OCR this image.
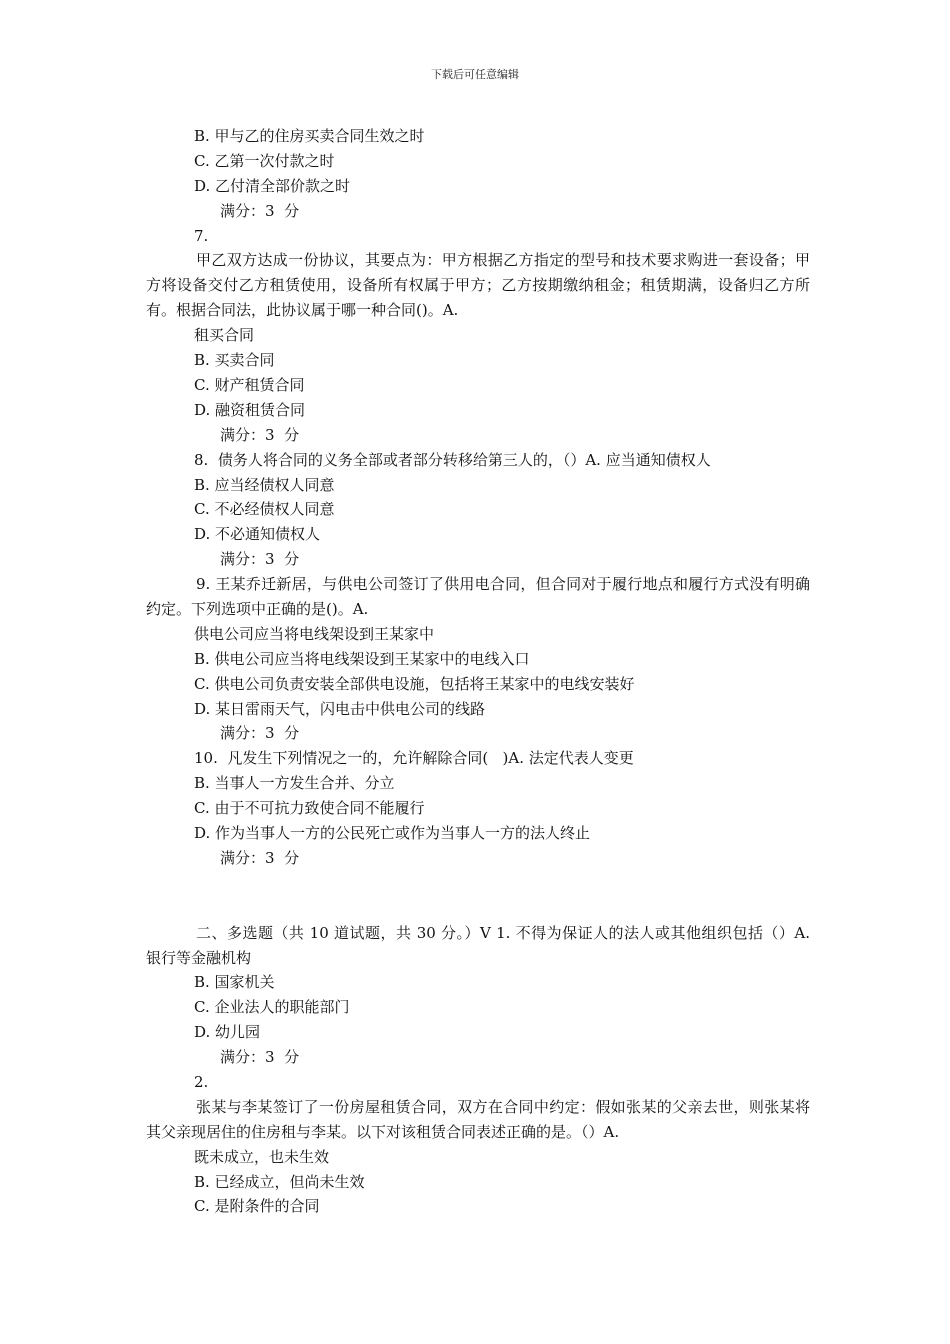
下载后可任意编辑
B. 甲与乙的住房买卖合同生效之时
C. 乙第一次付款之时
D. 乙付清全部价款之时
满分：3  分
7.
甲乙双方达成一份协议，其要点为：甲方根据乙方指定的型号和技术要求购进一套设备；甲方将设备交付乙方租赁使用，设备所有权属于甲方；乙方按期缴纳租金；租赁期满，设备归乙方所有。根据合同法，此协议属于哪一种合同()。A.
租买合同
B. 买卖合同
C. 财产租赁合同
D. 融资租赁合同
满分：3  分
8.  债务人将合同的义务全部或者部分转移给第三人的，（）A. 应当通知债权人
B. 应当经债权人同意
C. 不必经债权人同意
D. 不必通知债权人
满分：3  分
9. 王某乔迁新居，与供电公司签订了供用电合同，但合同对于履行地点和履行方式没有明确约定。下列选项中正确的是()。A.
供电公司应当将电线架设到王某家中
B. 供电公司应当将电线架设到王某家中的电线入口
C. 供电公司负责安装全部供电设施，包括将王某家中的电线安装好
D. 某日雷雨天气，闪电击中供电公司的线路
满分：3  分
10.  凡发生下列情况之一的，允许解除合同(   )A. 法定代表人变更
B. 当事人一方发生合并、分立
C. 由于不可抗力致使合同不能履行
D. 作为当事人一方的公民死亡或作为当事人一方的法人终止
满分：3  分
二、多选题（共 10 道试题，共 30 分。）V 1. 不得为保证人的法人或其他组织包括（）A. 银行等金融机构
B. 国家机关
C. 企业法人的职能部门
D. 幼儿园
满分：3  分
2.
张某与李某签订了一份房屋租赁合同，双方在合同中约定：假如张某的父亲去世，则张某将其父亲现居住的住房租与李某。以下对该租赁合同表述正确的是。（）A.
既未成立，也未生效
B. 已经成立，但尚未生效
C. 是附条件的合同
